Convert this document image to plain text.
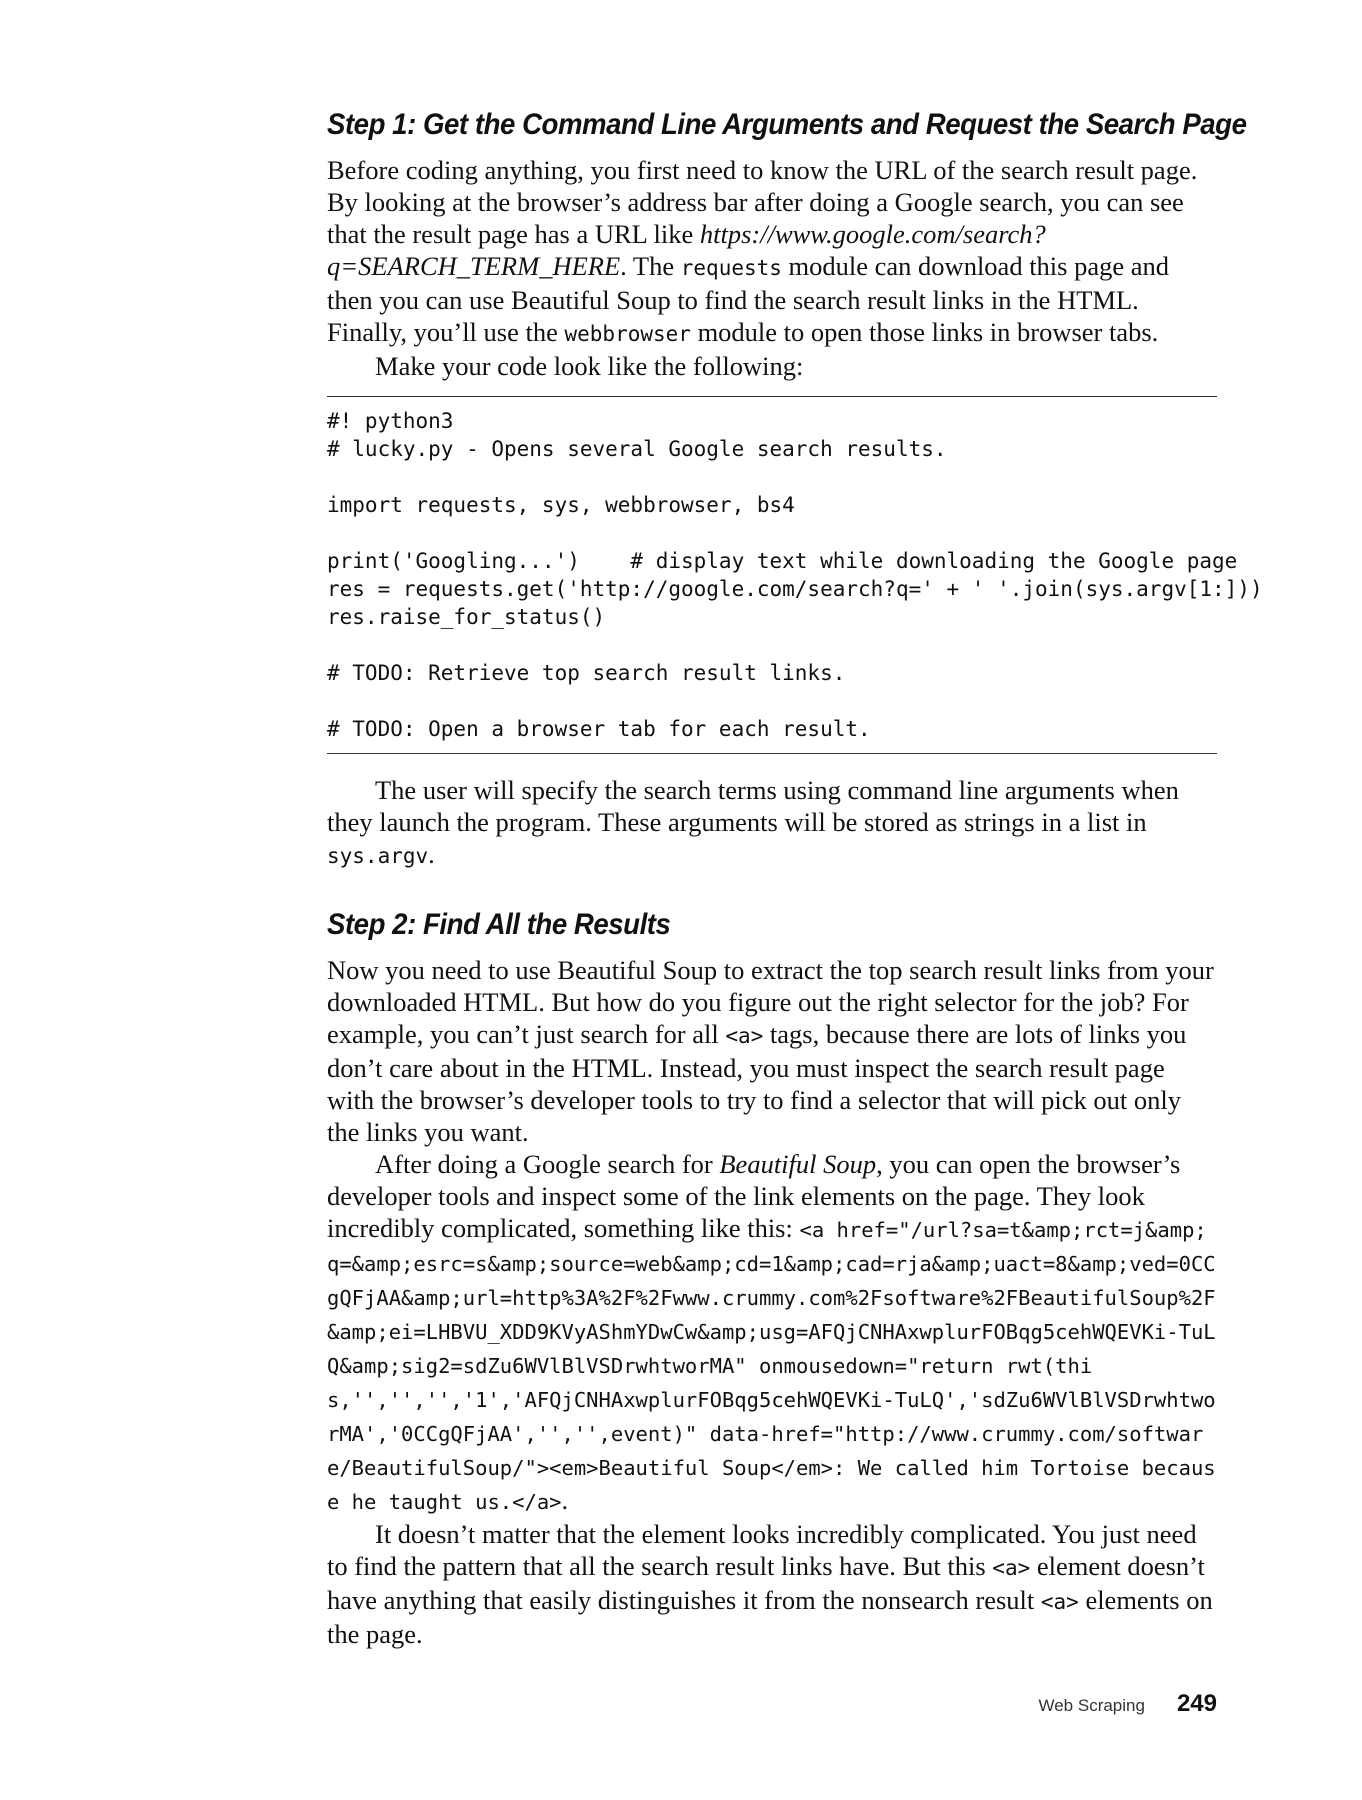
Step 1: Get the Command Line Arguments and Request the Search Page

Before coding anything, you first need to know the URL of the search result page. By looking at the browser’s address bar after doing a Google search, you can see that the result page has a URL like https://www.google.com/search?q=SEARCH_TERM_HERE. The requests module can download this page and then you can use Beautiful Soup to find the search result links in the HTML. Finally, you’ll use the webbrowser module to open those links in browser tabs.

Make your code look like the following:

#! python3
# lucky.py - Opens several Google search results.
import requests, sys, webbrowser, bs4
print('Googling...')    # display text while downloading the Google page
res = requests.get('http://google.com/search?q=' + ' '.join(sys.argv[1:]))
res.raise_for_status()
# TODO: Retrieve top search result links.
# TODO: Open a browser tab for each result.

The user will specify the search terms using command line arguments when they launch the program. These arguments will be stored as strings in a list in sys.argv.

Step 2: Find All the Results

Now you need to use Beautiful Soup to extract the top search result links from your downloaded HTML. But how do you figure out the right selector for the job? For example, you can’t just search for all <a> tags, because there are lots of links you don’t care about in the HTML. Instead, you must inspect the search result page with the browser’s developer tools to try to find a selector that will pick out only the links you want.

After doing a Google search for Beautiful Soup, you can open the browser’s developer tools and inspect some of the link elements on the page. They look incredibly complicated, something like this: <a href="/url?sa=t&amp;rct=j&amp;q=&amp;esrc=s&amp;source=web&amp;cd=1&amp;cad=rja&amp;uact=8&amp;ved=0CCgQFjAA&amp;url=http%3A%2F%2Fwww.crummy.com%2Fsoftware%2FBeautifulSoup%2F&amp;ei=LHBVU_XDD9KVyAShmYDwCw&amp;usg=AFQjCNHAxwplurFOBqg5cehWQEVKi-TuLQ&amp;sig2=sdZu6WVlBlVSDrwhtworMA" onmousedown="return rwt(this,'','','','1','AFQjCNHAxwplurFOBqg5cehWQEVKi-TuLQ','sdZu6WVlBlVSDrwhtworMA','0CCgQFjAA','','',event)" data-href="http://www.crummy.com/software/BeautifulSoup/"><em>Beautiful Soup</em>: We called him Tortoise because he taught us.</a>.

It doesn’t matter that the element looks incredibly complicated. You just need to find the pattern that all the search result links have. But this <a> element doesn’t have anything that easily distinguishes it from the nonsearch result <a> elements on the page.

Web Scraping 249
